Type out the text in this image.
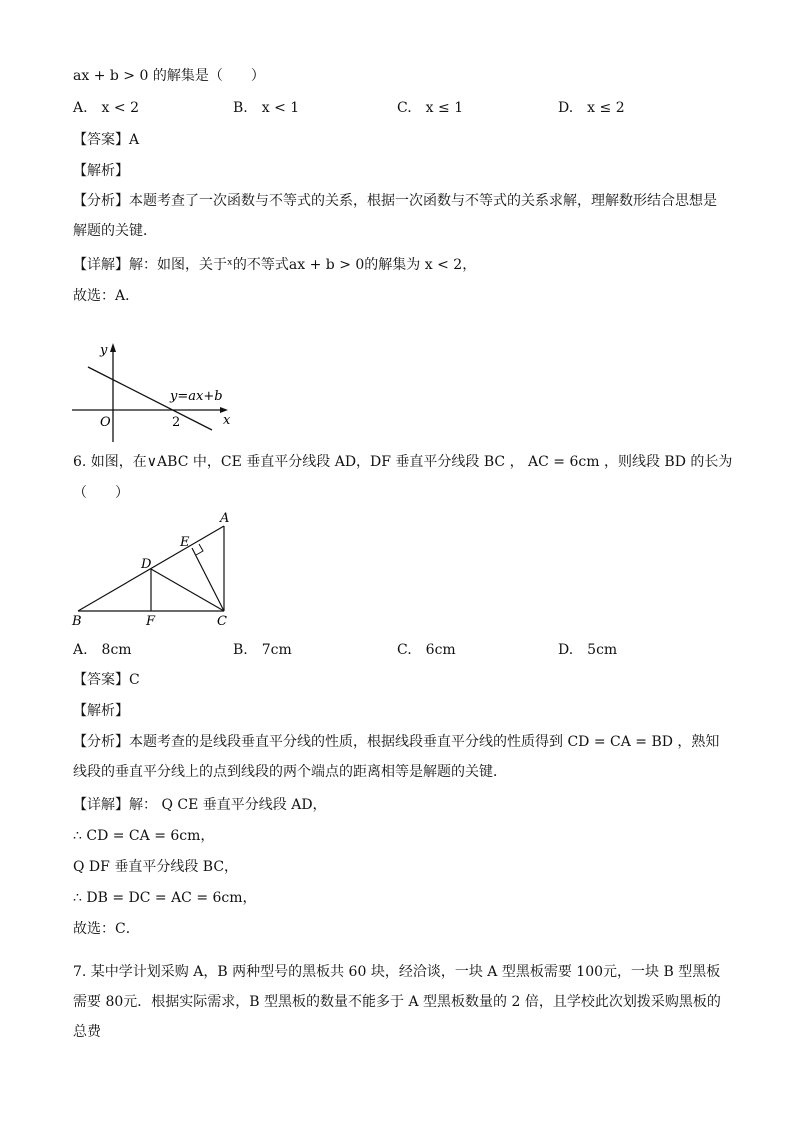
ax + b > 0 的解集是（　　）
A.　x < 2	B.　x < 1	C.　x ≤ 1	D.　x ≤ 2
【答案】A
【解析】
【分析】本题考查了一次函数与不等式的关系，根据一次函数与不等式的关系求解，理解数形结合思想是解题的关键．
【详解】解：如图，关于ˣ的不等式ax + b > 0的解集为 x < 2，
故选：A．
y
x
O	2
y=ax+b
6. 如图，在∨ABC 中，CE 垂直平分线段 AD，DF 垂直平分线段 BC ， AC = 6cm ，则线段 BD 的长为
（　　）
A
E
D
B	F	C
A.　8cm	B.　7cm	C.　6cm	D.　5cm
【答案】C
【解析】
【分析】本题考查的是线段垂直平分线的性质，根据线段垂直平分线的性质得到 CD = CA = BD ，熟知线段的垂直平分线上的点到线段的两个端点的距离相等是解题的关键．
【详解】解： Q CE 垂直平分线段 AD，
∴ CD = CA = 6cm，
Q DF 垂直平分线段 BC，
∴ DB = DC = AC = 6cm，
故选：C．
7. 某中学计划采购 A，B 两种型号的黑板共 60 块，经洽谈，一块 A 型黑板需要 100元，一块 B 型黑板需要 80元．根据实际需求，B 型黑板的数量不能多于 A 型黑板数量的 2 倍，且学校此次划拨采购黑板的总费
